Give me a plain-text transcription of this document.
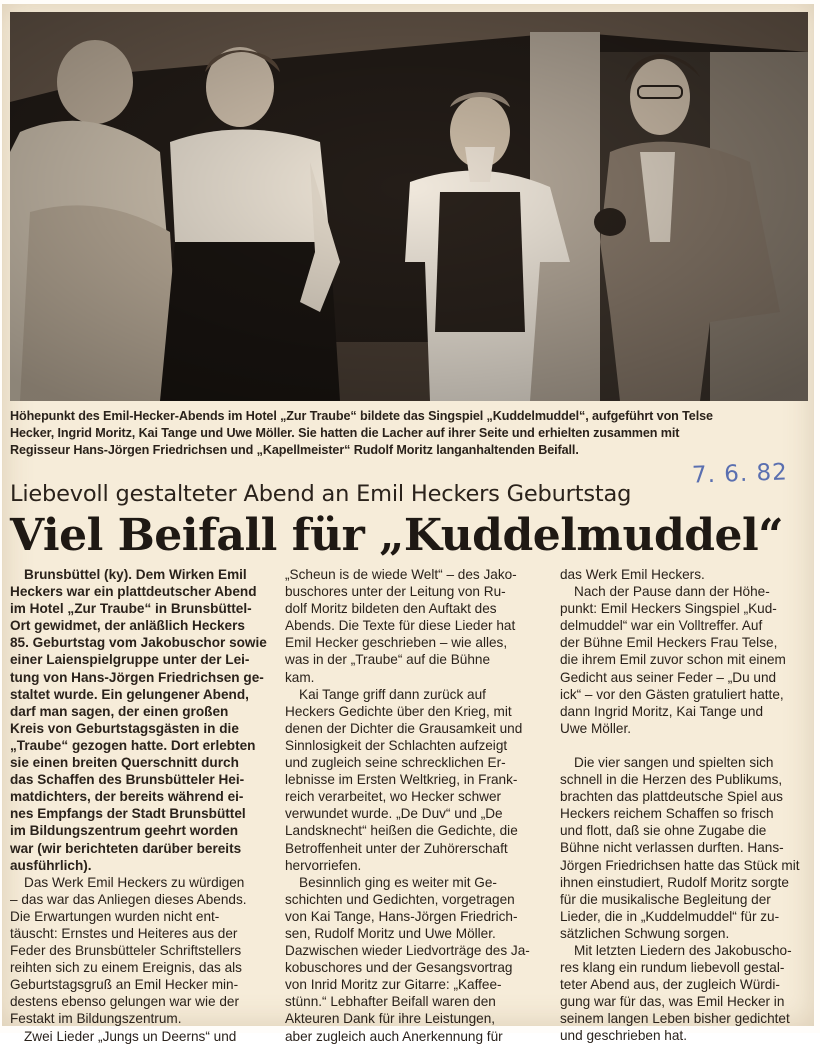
Höhepunkt des Emil-Hecker-Abends im Hotel „Zur Traube“ bildete das Singspiel „Kuddelmuddel“, aufgeführt von Telse
Hecker, Ingrid Moritz, Kai Tange und Uwe Möller. Sie hatten die Lacher auf ihrer Seite und erhielten zusammen mit
Regisseur Hans-Jörgen Friedrichsen und „Kapellmeister“ Rudolf Moritz langanhaltenden Beifall.
7. 6. 82
Liebevoll gestalteter Abend an Emil Heckers Geburtstag
Viel Beifall für „Kuddelmuddel“
Brunsbüttel (ky). Dem Wirken Emil
Heckers war ein plattdeutscher Abend
im Hotel „Zur Traube“ in Brunsbüttel-
Ort gewidmet, der anläßlich Heckers
85. Geburtstag vom Jakobuschor sowie
einer Laienspielgruppe unter der Lei-
tung von Hans-Jörgen Friedrichsen ge-
staltet wurde. Ein gelungener Abend,
darf man sagen, der einen großen
Kreis von Geburtstagsgästen in die
„Traube“ gezogen hatte. Dort erlebten
sie einen breiten Querschnitt durch
das Schaffen des Brunsbütteler Hei-
matdichters, der bereits während ei-
nes Empfangs der Stadt Brunsbüttel
im Bildungszentrum geehrt worden
war (wir berichteten darüber bereits
ausführlich).
Das Werk Emil Heckers zu würdigen
– das war das Anliegen dieses Abends.
Die Erwartungen wurden nicht ent-
täuscht: Ernstes und Heiteres aus der
Feder des Brunsbütteler Schriftstellers
reihten sich zu einem Ereignis, das als
Geburtstagsgruß an Emil Hecker min-
destens ebenso gelungen war wie der
Festakt im Bildungszentrum.
Zwei Lieder „Jungs un Deerns“ und
„Scheun is de wiede Welt“ – des Jako-
buschores unter der Leitung von Ru-
dolf Moritz bildeten den Auftakt des
Abends. Die Texte für diese Lieder hat
Emil Hecker geschrieben – wie alles,
was in der „Traube“ auf die Bühne
kam.
Kai Tange griff dann zurück auf
Heckers Gedichte über den Krieg, mit
denen der Dichter die Grausamkeit und
Sinnlosigkeit der Schlachten aufzeigt
und zugleich seine schrecklichen Er-
lebnisse im Ersten Weltkrieg, in Frank-
reich verarbeitet, wo Hecker schwer
verwundet wurde. „De Duv“ und „De
Landsknecht“ heißen die Gedichte, die
Betroffenheit unter der Zuhörerschaft
hervorriefen.
Besinnlich ging es weiter mit Ge-
schichten und Gedichten, vorgetragen
von Kai Tange, Hans-Jörgen Friedrich-
sen, Rudolf Moritz und Uwe Möller.
Dazwischen wieder Liedvorträge des Ja-
kobuschores und der Gesangsvortrag
von Inrid Moritz zur Gitarre: „Kaffee-
stünn.“ Lebhafter Beifall waren den
Akteuren Dank für ihre Leistungen,
aber zugleich auch Anerkennung für
das Werk Emil Heckers.
Nach der Pause dann der Höhe-
punkt: Emil Heckers Singspiel „Kud-
delmuddel“ war ein Volltreffer. Auf
der Bühne Emil Heckers Frau Telse,
die ihrem Emil zuvor schon mit einem
Gedicht aus seiner Feder – „Du und
ick“ – vor den Gästen gratuliert hatte,
dann Ingrid Moritz, Kai Tange und
Uwe Möller.
Die vier sangen und spielten sich
schnell in die Herzen des Publikums,
brachten das plattdeutsche Spiel aus
Heckers reichem Schaffen so frisch
und flott, daß sie ohne Zugabe die
Bühne nicht verlassen durften. Hans-
Jörgen Friedrichsen hatte das Stück mit
ihnen einstudiert, Rudolf Moritz sorgte
für die musikalische Begleitung der
Lieder, die in „Kuddelmuddel“ für zu-
sätzlichen Schwung sorgen.
Mit letzten Liedern des Jakobuscho-
res klang ein rundum liebevoll gestal-
teter Abend aus, der zugleich Würdi-
gung war für das, was Emil Hecker in
seinem langen Leben bisher gedichtet
und geschrieben hat.
